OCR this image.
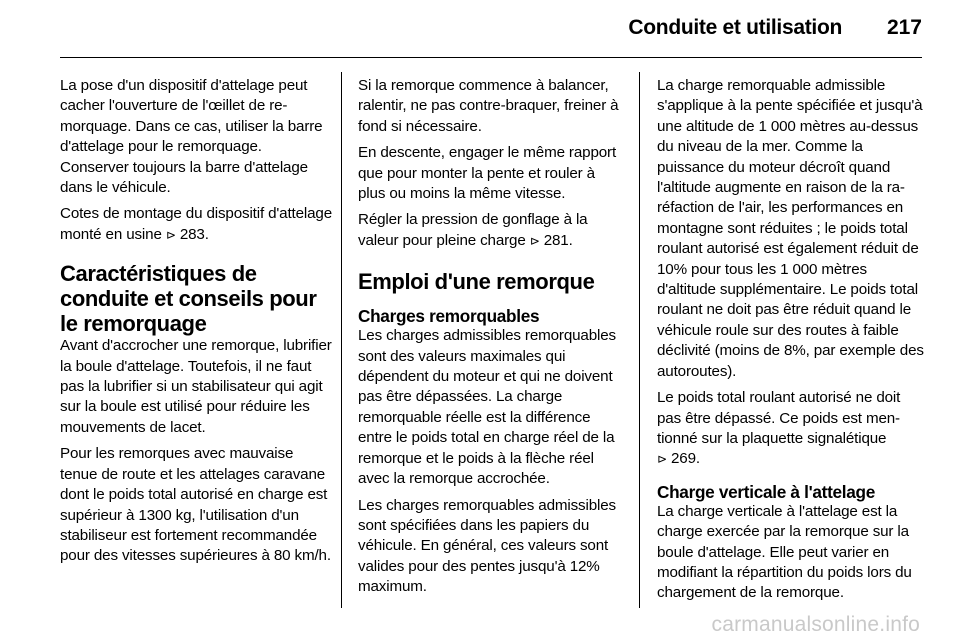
Conduite et utilisation 217

La pose d'un dispositif d'attelage peut cacher l'ouverture de l'œillet de remorquage. Dans ce cas, utiliser la barre d'attelage pour le remorquage. Conserver toujours la barre d'attelage dans le véhicule.

Cotes de montage du dispositif d'attelage monté en usine ⊳ 283.

Caractéristiques de conduite et conseils pour le remorquage

Avant d'accrocher une remorque, lubrifier la boule d'attelage. Toutefois, il ne faut pas la lubrifier si un stabilisateur qui agit sur la boule est utilisé pour réduire les mouvements de lacet.

Pour les remorques avec mauvaise tenue de route et les attelages caravane dont le poids total autorisé en charge est supérieur à 1300 kg, l'utilisation d'un stabiliseur est fortement recommandée pour des vitesses supérieures à 80 km/h.

Si la remorque commence à balancer, ralentir, ne pas contre-braquer, freiner à fond si nécessaire.

En descente, engager le même rapport que pour monter la pente et rouler à plus ou moins la même vitesse.

Régler la pression de gonflage à la valeur pour pleine charge ⊳ 281.

Emploi d'une remorque
Charges remorquables

Les charges admissibles remorquables sont des valeurs maximales qui dépendent du moteur et qui ne doivent pas être dépassées. La charge remorquable réelle est la différence entre le poids total en charge réel de la remorque et le poids à la flèche réel avec la remorque accrochée.

Les charges remorquables admissibles sont spécifiées dans les papiers du véhicule. En général, ces valeurs sont valides pour des pentes jusqu'à 12% maximum.

La charge remorquable admissible s'applique à la pente spécifiée et jusqu'à une altitude de 1 000 mètres au-dessus du niveau de la mer. Comme la puissance du moteur décroît quand l'altitude augmente en raison de la raréfaction de l'air, les performances en montagne sont réduites ; le poids total roulant autorisé est également réduit de 10% pour tous les 1 000 mètres d'altitude supplémentaire. Le poids total roulant ne doit pas être réduit quand le véhicule roule sur des routes à faible déclivité (moins de 8%, par exemple des autoroutes).

Le poids total roulant autorisé ne doit pas être dépassé. Ce poids est mentionné sur la plaquette signalétique
⊳ 269.

Charge verticale à l'attelage

La charge verticale à l'attelage est la charge exercée par la remorque sur la boule d'attelage. Elle peut varier en modifiant la répartition du poids lors du chargement de la remorque.

carmanualsonline.info
